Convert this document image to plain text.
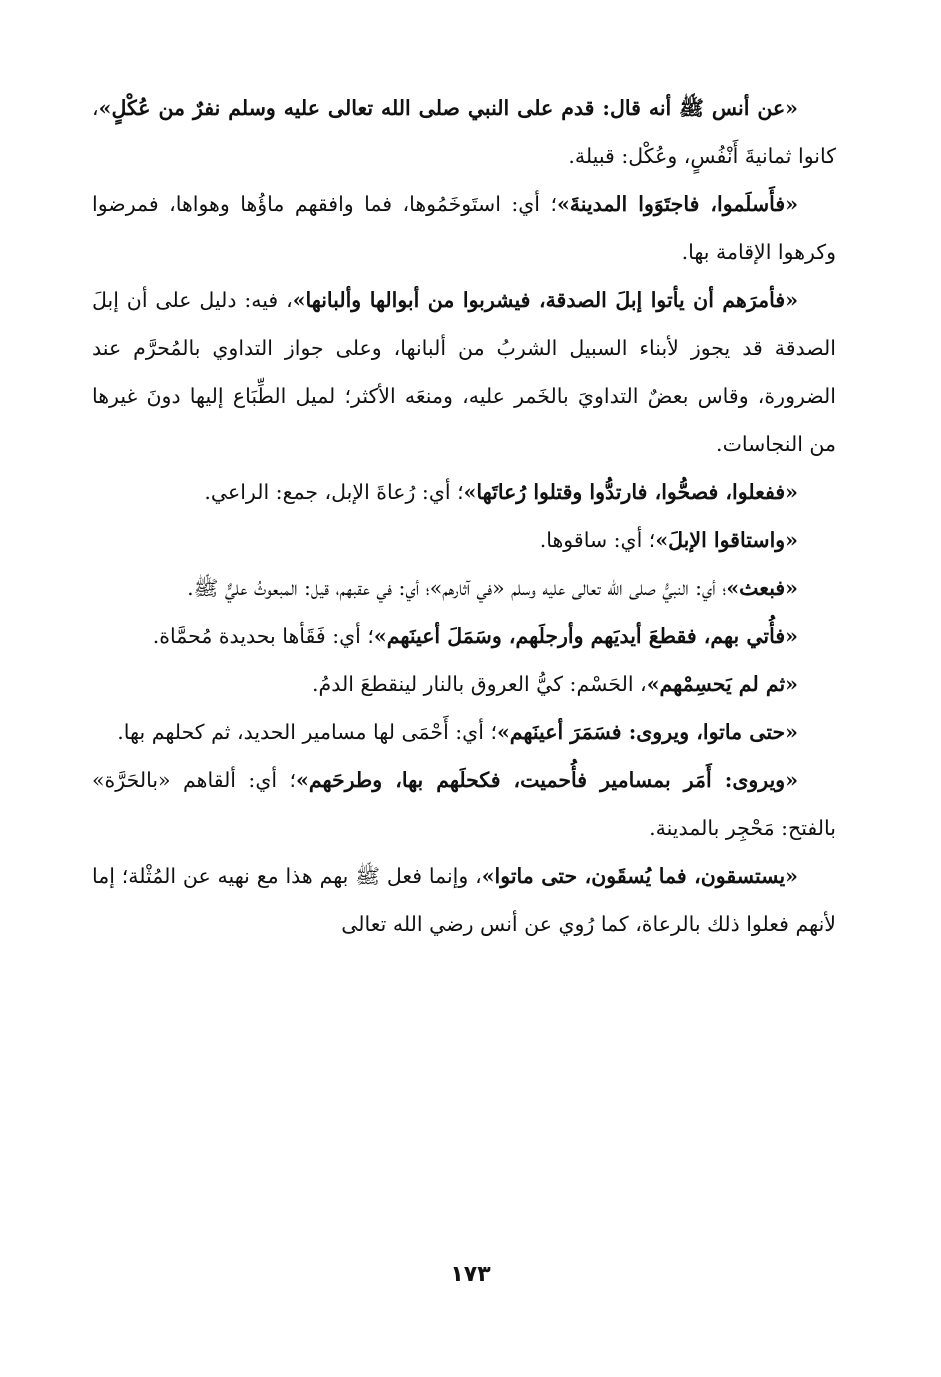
«عن أنس ﷺ أنه قال: قدم على النبي صلى الله تعالى عليه وسلم نفرٌ من عُكْلٍ»، كانوا ثمانيةَ أَنْفُسٍ، وعُكْل: قبيلة.

«فأَسلَموا، فاجتَوَوا المدينةَ»؛ أي: استَوخَمُوها، فما وافقهم ماؤُها وهواها، فمرضوا وكرهوا الإقامة بها.

«فأمرَهم أن يأتوا إبلَ الصدقة، فيشربوا من أبوالها وألبانها»، فيه: دليل على أن إبلَ الصدقة قد يجوز لأبناء السبيل الشربُ من ألبانها، وعلى جواز التداوي بالمُحرَّم عند الضرورة، وقاس بعضٌ التداويَ بالخَمر عليه، ومنعَه الأكثر؛ لميل الطِّبَاع إليها دونَ غيرها من النجاسات.

«ففعلوا، فصحُّوا، فارتدُّوا وقتلوا رُعاتَها»؛ أي: رُعاةَ الإبل، جمع: الراعي.

«واستاقوا الإبلَ»؛ أي: ساقوها.

«فبعث»؛ أي: النبيُّ صلى الله تعالى عليه وسلم «في آثارهم»؛ أي: في عقبهم، قيل: المبعوثُ عليٌّ ﷺ.

«فأُتي بهم، فقطعَ أيديَهم وأرجلَهم، وسَمَلَ أعينَهم»؛ أي: فَقَأها بحديدة مُحمَّاة.

«ثم لم يَحسِمْهم»، الحَسْم: كيُّ العروق بالنار لينقطعَ الدمُ.

«حتى ماتوا، ويروى: فسَمَرَ أعينَهم»؛ أي: أَحْمَى لها مسامير الحديد، ثم كحلهم بها.

«ويروى: أَمَر بمسامير فأُحميت، فكحلَهم بها، وطرحَهم»؛ أي: ألقاهم «بالحَرَّة» بالفتح: مَحْجِر بالمدينة.

«يستسقون، فما يُسقَون، حتى ماتوا»، وإنما فعل ﷺ بهم هذا مع نهيه عن المُثْلة؛ إما لأنهم فعلوا ذلك بالرعاة، كما رُوي عن أنس رضي الله تعالى

١٧٣
